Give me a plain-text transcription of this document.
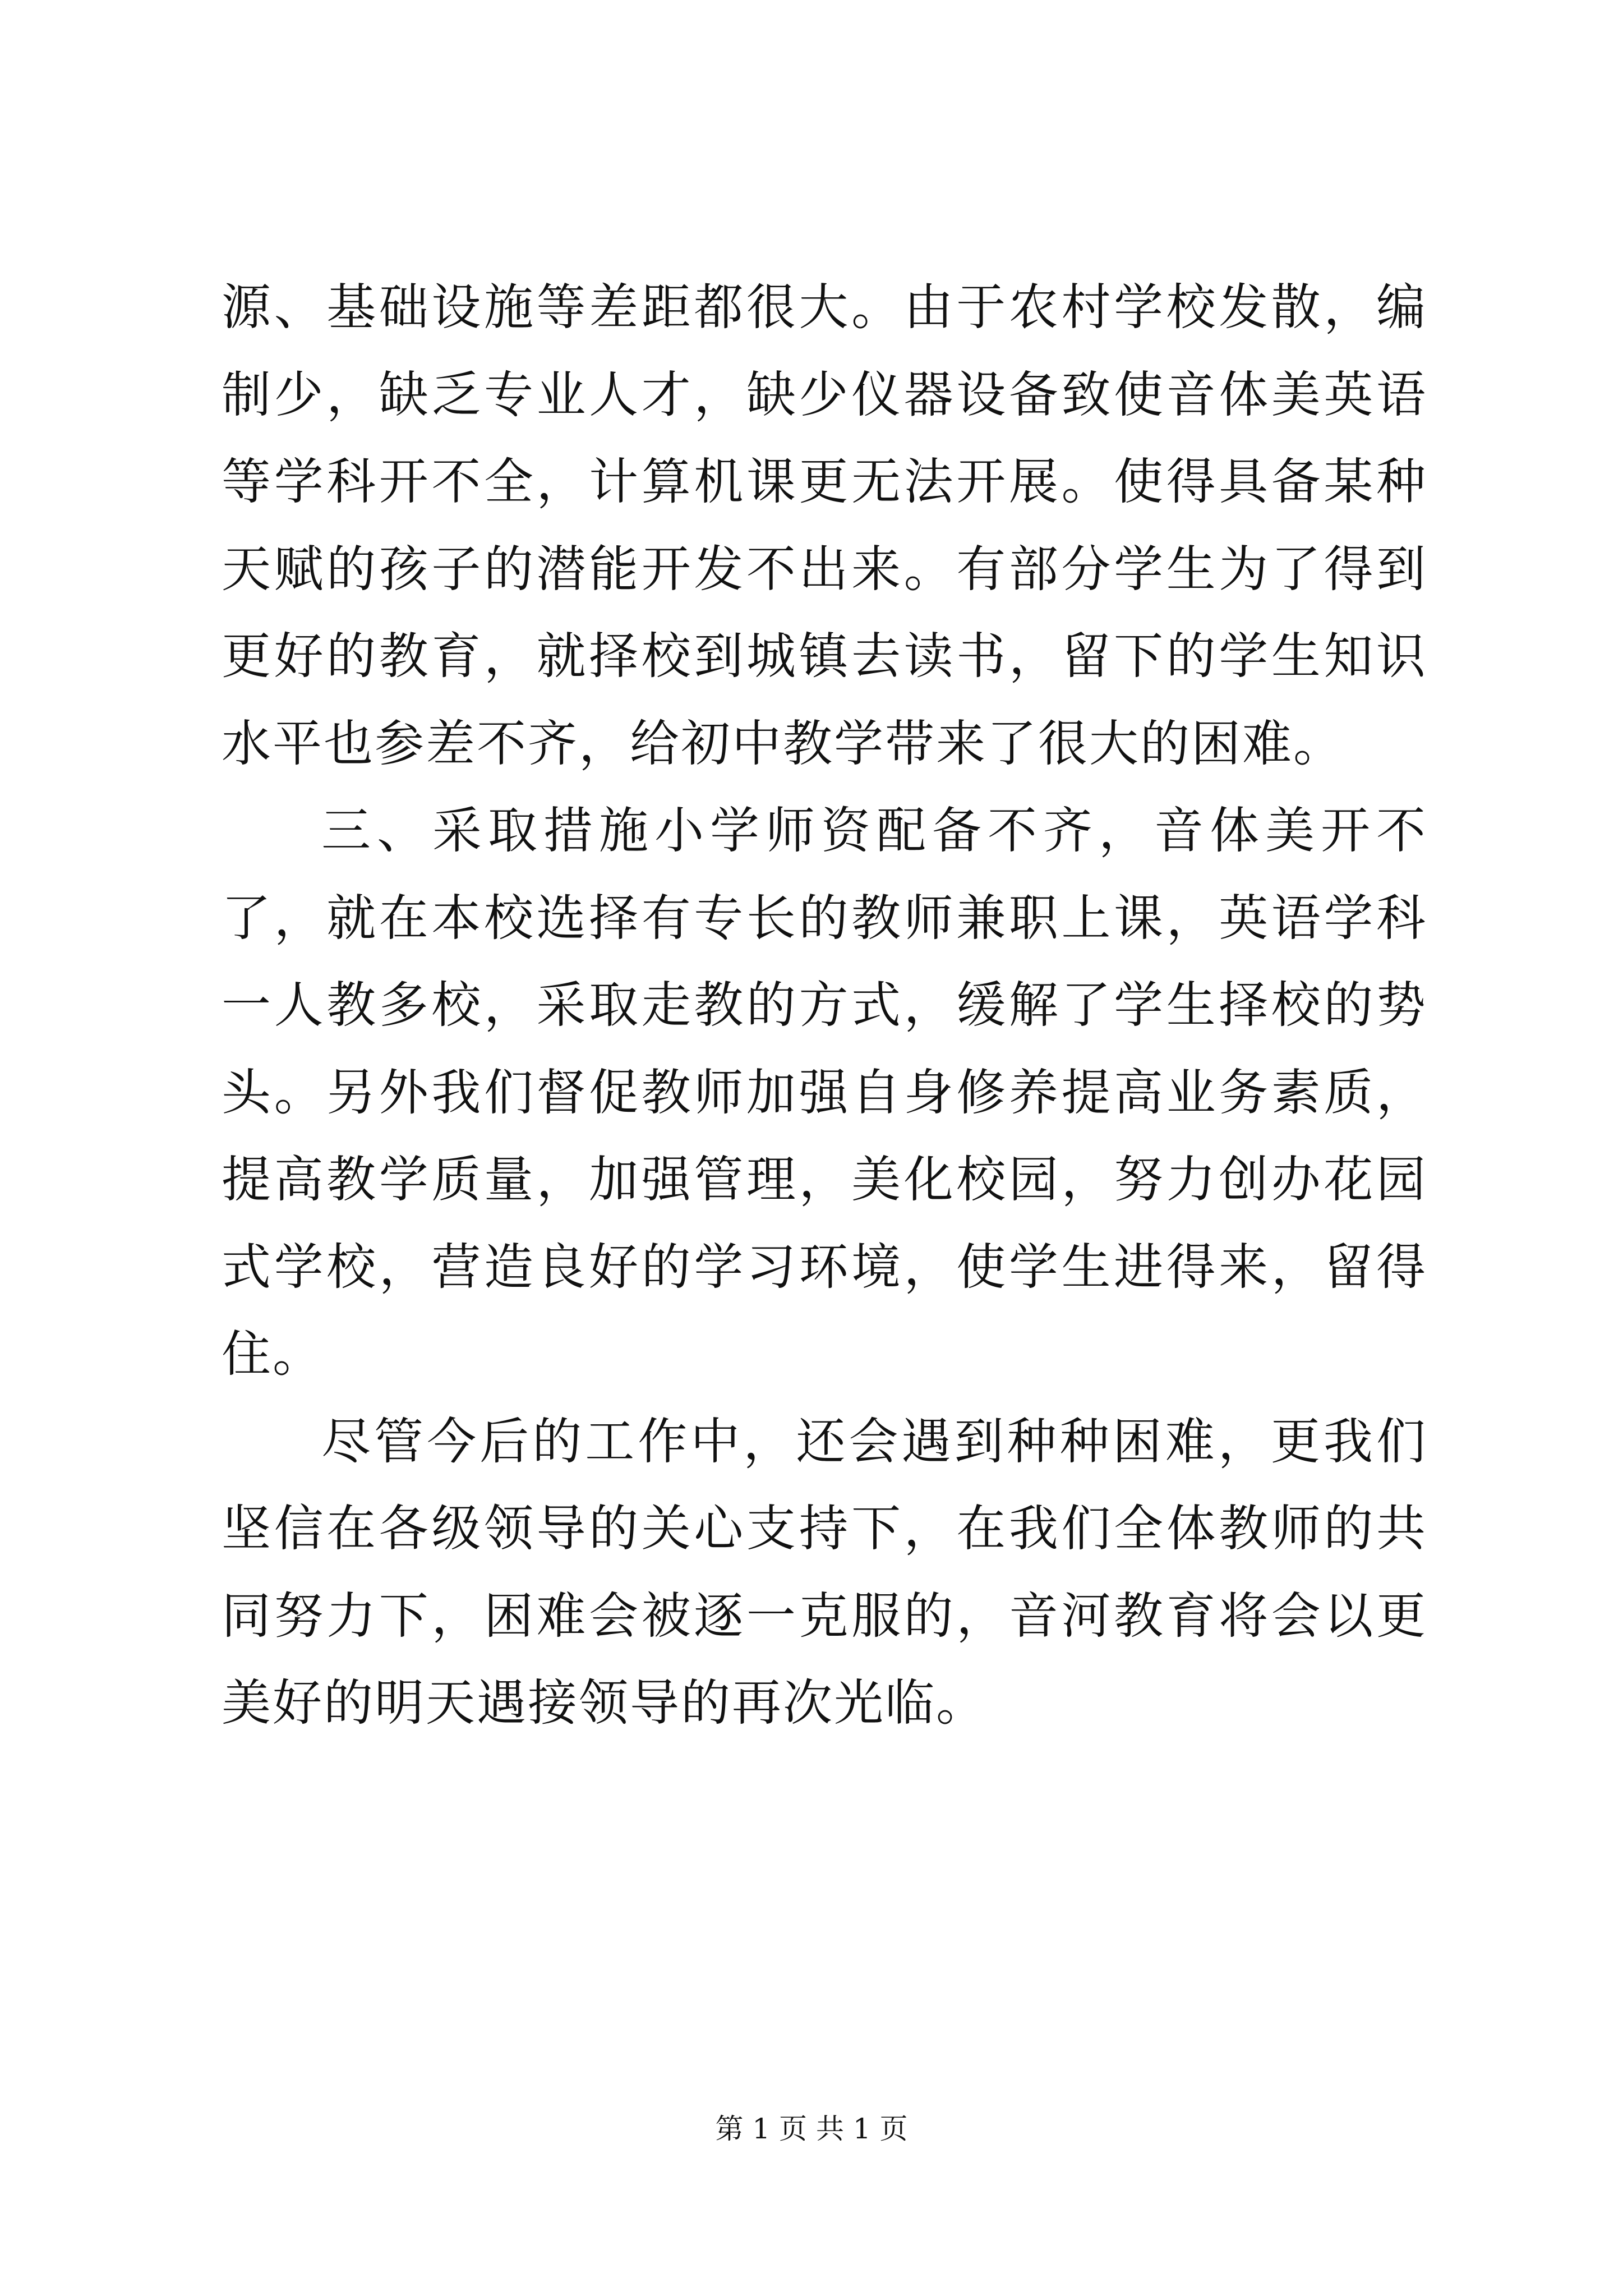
源、基础设施等差距都很大。由于农村学校发散，编制少，缺乏专业人才，缺少仪器设备致使音体美英语等学科开不全，计算机课更无法开展。使得具备某种天赋的孩子的潜能开发不出来。有部分学生为了得到更好的教育，就择校到城镇去读书，留下的学生知识水平也参差不齐，给初中教学带来了很大的困难。

三、采取措施小学师资配备不齐，音体美开不了，就在本校选择有专长的教师兼职上课，英语学科一人教多校，采取走教的方式，缓解了学生择校的势头。另外我们督促教师加强自身修养提高业务素质，提高教学质量，加强管理，美化校园，努力创办花园式学校，营造良好的学习环境，使学生进得来，留得住。

尽管今后的工作中，还会遇到种种困难，更我们坚信在各级领导的关心支持下，在我们全体教师的共同努力下，困难会被逐一克服的，音河教育将会以更美好的明天遇接领导的再次光临。

第 1 页 共 1 页
